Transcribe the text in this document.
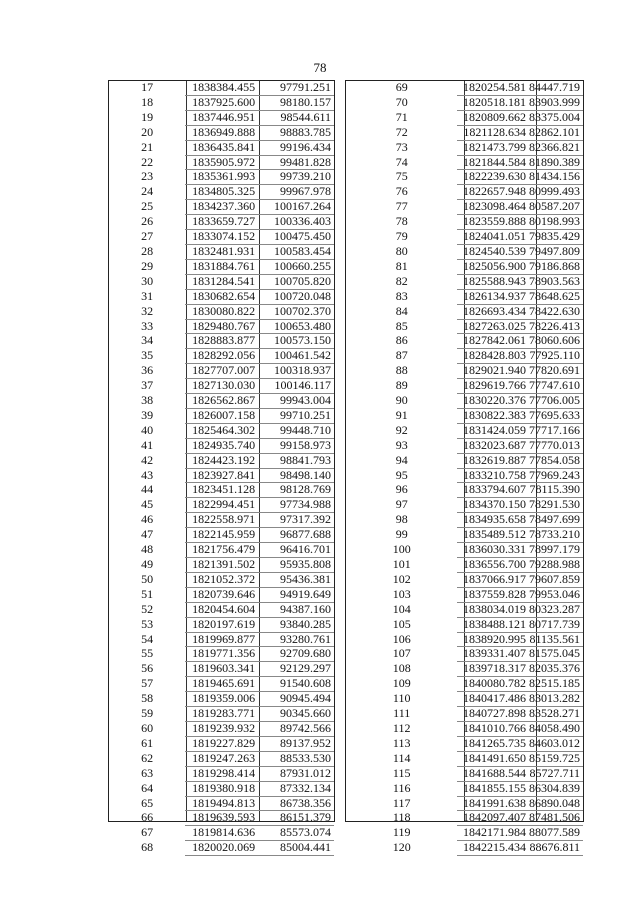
78
17	1838384.455	97791.251
18	1837925.600	98180.157
19	1837446.951	98544.611
20	1836949.888	98883.785
21	1836435.841	99196.434
22	1835905.972	99481.828
23	1835361.993	99739.210
24	1834805.325	99967.978
25	1834237.360	100167.264
26	1833659.727	100336.403
27	1833074.152	100475.450
28	1832481.931	100583.454
29	1831884.761	100660.255
30	1831284.541	100705.820
31	1830682.654	100720.048
32	1830080.822	100702.370
33	1829480.767	100653.480
34	1828883.877	100573.150
35	1828292.056	100461.542
36	1827707.007	100318.937
37	1827130.030	100146.117
38	1826562.867	99943.004
39	1826007.158	99710.251
40	1825464.302	99448.710
41	1824935.740	99158.973
42	1824423.192	98841.793
43	1823927.841	98498.140
44	1823451.128	98128.769
45	1822994.451	97734.988
46	1822558.971	97317.392
47	1822145.959	96877.688
48	1821756.479	96416.701
49	1821391.502	95935.808
50	1821052.372	95436.381
51	1820739.646	94919.649
52	1820454.604	94387.160
53	1820197.619	93840.285
54	1819969.877	93280.761
55	1819771.356	92709.680
56	1819603.341	92129.297
57	1819465.691	91540.608
58	1819359.006	90945.494
59	1819283.771	90345.660
60	1819239.932	89742.566
61	1819227.829	89137.952
62	1819247.263	88533.530
63	1819298.414	87931.012
64	1819380.918	87332.134
65	1819494.813	86738.356
66	1819639.593	86151.379
67	1819814.636	85573.074
68	1820020.069	85004.441
69	1820254.581	84447.719
70	1820518.181	83903.999
71	1820809.662	83375.004
72	1821128.634	82862.101
73	1821473.799	82366.821
74	1821844.584	81890.389
75	1822239.630	81434.156
76	1822657.948	80999.493
77	1823098.464	80587.207
78	1823559.888	80198.993
79	1824041.051	79835.429
80	1824540.539	79497.809
81	1825056.900	79186.868
82	1825588.943	78903.563
83	1826134.937	78648.625
84	1826693.434	78422.630
85	1827263.025	78226.413
86	1827842.061	78060.606
87	1828428.803	77925.110
88	1829021.940	77820.691
89	1829619.766	77747.610
90	1830220.376	77706.005
91	1830822.383	77695.633
92	1831424.059	77717.166
93	1832023.687	77770.013
94	1832619.887	77854.058
95	1833210.758	77969.243
96	1833794.607	78115.390
97	1834370.150	78291.530
98	1834935.658	78497.699
99	1835489.512	78733.210
100	1836030.331	78997.179
101	1836556.700	79288.988
102	1837066.917	79607.859
103	1837559.828	79953.046
104	1838034.019	80323.287
105	1838488.121	80717.739
106	1838920.995	81135.561
107	1839331.407	81575.045
108	1839718.317	82035.376
109	1840080.782	82515.185
110	1840417.486	83013.282
111	1840727.898	83528.271
112	1841010.766	84058.490
113	1841265.735	84603.012
114	1841491.650	85159.725
115	1841688.544	85727.711
116	1841855.155	86304.839
117	1841991.638	86890.048
118	1842097.407	87481.506
119	1842171.984	88077.589
120	1842215.434	88676.811
